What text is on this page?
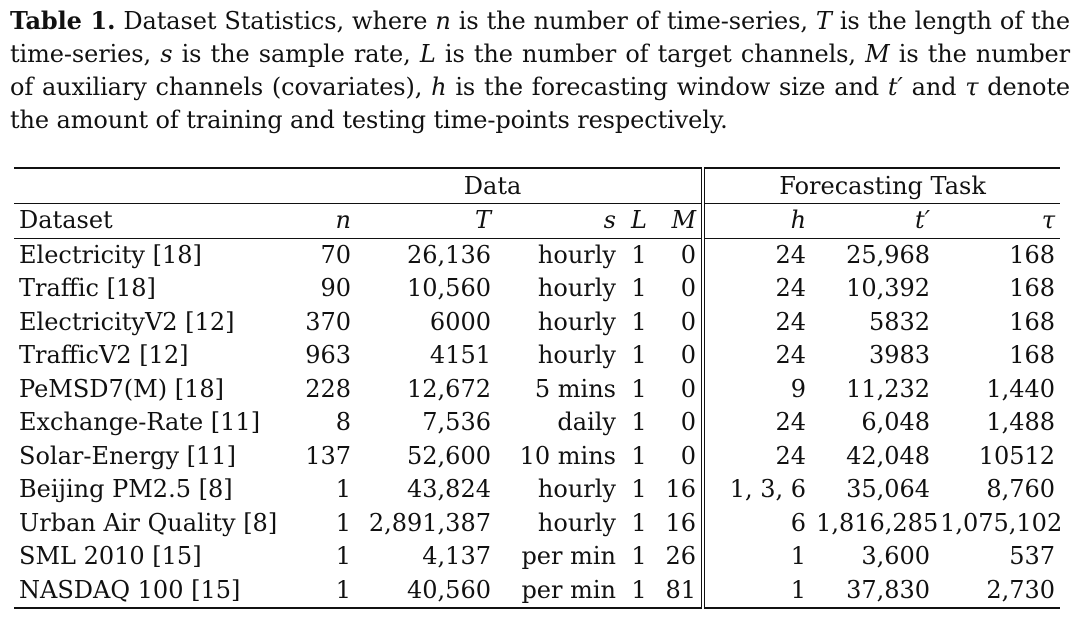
Table 1. Dataset Statistics, where n is the number of time-series, T is the length of the time-series, s is the sample rate, L is the number of target channels, M is the number of auxiliary channels (covariates), h is the forecasting window size and t′ and τ denote the amount of training and testing time-points respectively.
	Data					Forecasting Task		
Dataset	n	T	s	L	M	h	t′	τ
Electricity [18]	70	26,136	hourly	1	0	24	25,968	168
Traffic [18]	90	10,560	hourly	1	0	24	10,392	168
ElectricityV2 [12]	370	6000	hourly	1	0	24	5832	168
TrafficV2 [12]	963	4151	hourly	1	0	24	3983	168
PeMSD7(M) [18]	228	12,672	5 mins	1	0	9	11,232	1,440
Exchange-Rate [11]	8	7,536	daily	1	0	24	6,048	1,488
Solar-Energy [11]	137	52,600	10 mins	1	0	24	42,048	10512
Beijing PM2.5 [8]	1	43,824	hourly	1	16	1, 3, 6	35,064	8,760
Urban Air Quality [8]	1	2,891,387	hourly	1	16	6	1,816,285	1,075,102
SML 2010 [15]	1	4,137	per min	1	26	1	3,600	537
NASDAQ 100 [15]	1	40,560	per min	1	81	1	37,830	2,730
